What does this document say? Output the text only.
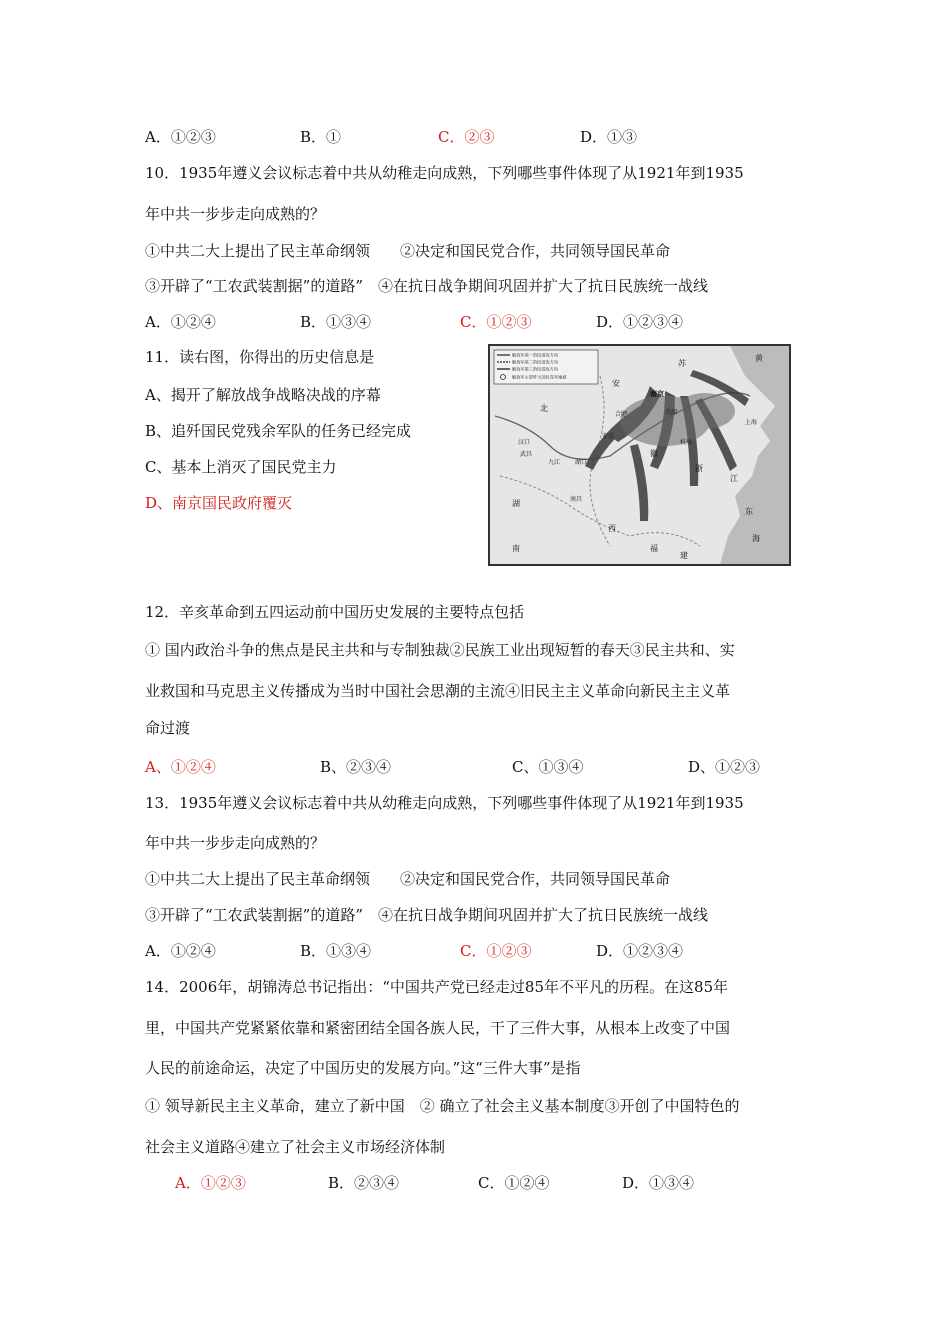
A．①②③	B．①	C．②③	D．①③
10．1935年遵义会议标志着中共从幼稚走向成熟，下列哪些事件体现了从1921年到1935
年中共一步步走向成熟的？
①中共二大上提出了民主革命纲领　　②决定和国民党合作，共同领导国民革命
③开辟了“工农武装割据”的道路”　④在抗日战争期间巩固并扩大了抗日民族统一战线
A．①②④	B．①③④	C．①②③	D．①②③④
11．读右图，你得出的历史信息是
A、揭开了解放战争战略决战的序幕
B、追歼国民党残余军队的任务已经完成
C、基本上消灭了国民党主力
D、南京国民政府覆灭
解放军第一阶段进攻方向
解放军第二阶段进攻方向
解放军第三阶段进攻方向
解放军主要歼灭国民党军地域
南京
合肥	芜湖
上海
杭州
南昌
九江
汉口
武昌
湖口
安庆
徽
浙
江
湖
北
南
西
福
建
东
海
黄
苏
安
12．辛亥革命到五四运动前中国历史发展的主要特点包括
① 国内政治斗争的焦点是民主共和与专制独裁②民族工业出现短暂的春天③民主共和、实
业救国和马克思主义传播成为当时中国社会思潮的主流④旧民主主义革命向新民主主义革
命过渡
A、①②④	B、②③④	C、①③④	D、①②③
13．1935年遵义会议标志着中共从幼稚走向成熟，下列哪些事件体现了从1921年到1935
年中共一步步走向成熟的？
①中共二大上提出了民主革命纲领　　②决定和国民党合作，共同领导国民革命
③开辟了“工农武装割据”的道路”　④在抗日战争期间巩固并扩大了抗日民族统一战线
A．①②④	B．①③④	C．①②③	D．①②③④
14．2006年，胡锦涛总书记指出：“中国共产党已经走过85年不平凡的历程。在这85年
里，中国共产党紧紧依靠和紧密团结全国各族人民，干了三件大事，从根本上改变了中国
人民的前途命运，决定了中国历史的发展方向。”这“三件大事”是指
① 领导新民主主义革命，建立了新中国　② 确立了社会主义基本制度③开创了中国特色的
社会主义道路④建立了社会主义市场经济体制
A．①②③	B．②③④	C．①②④	D．①③④
